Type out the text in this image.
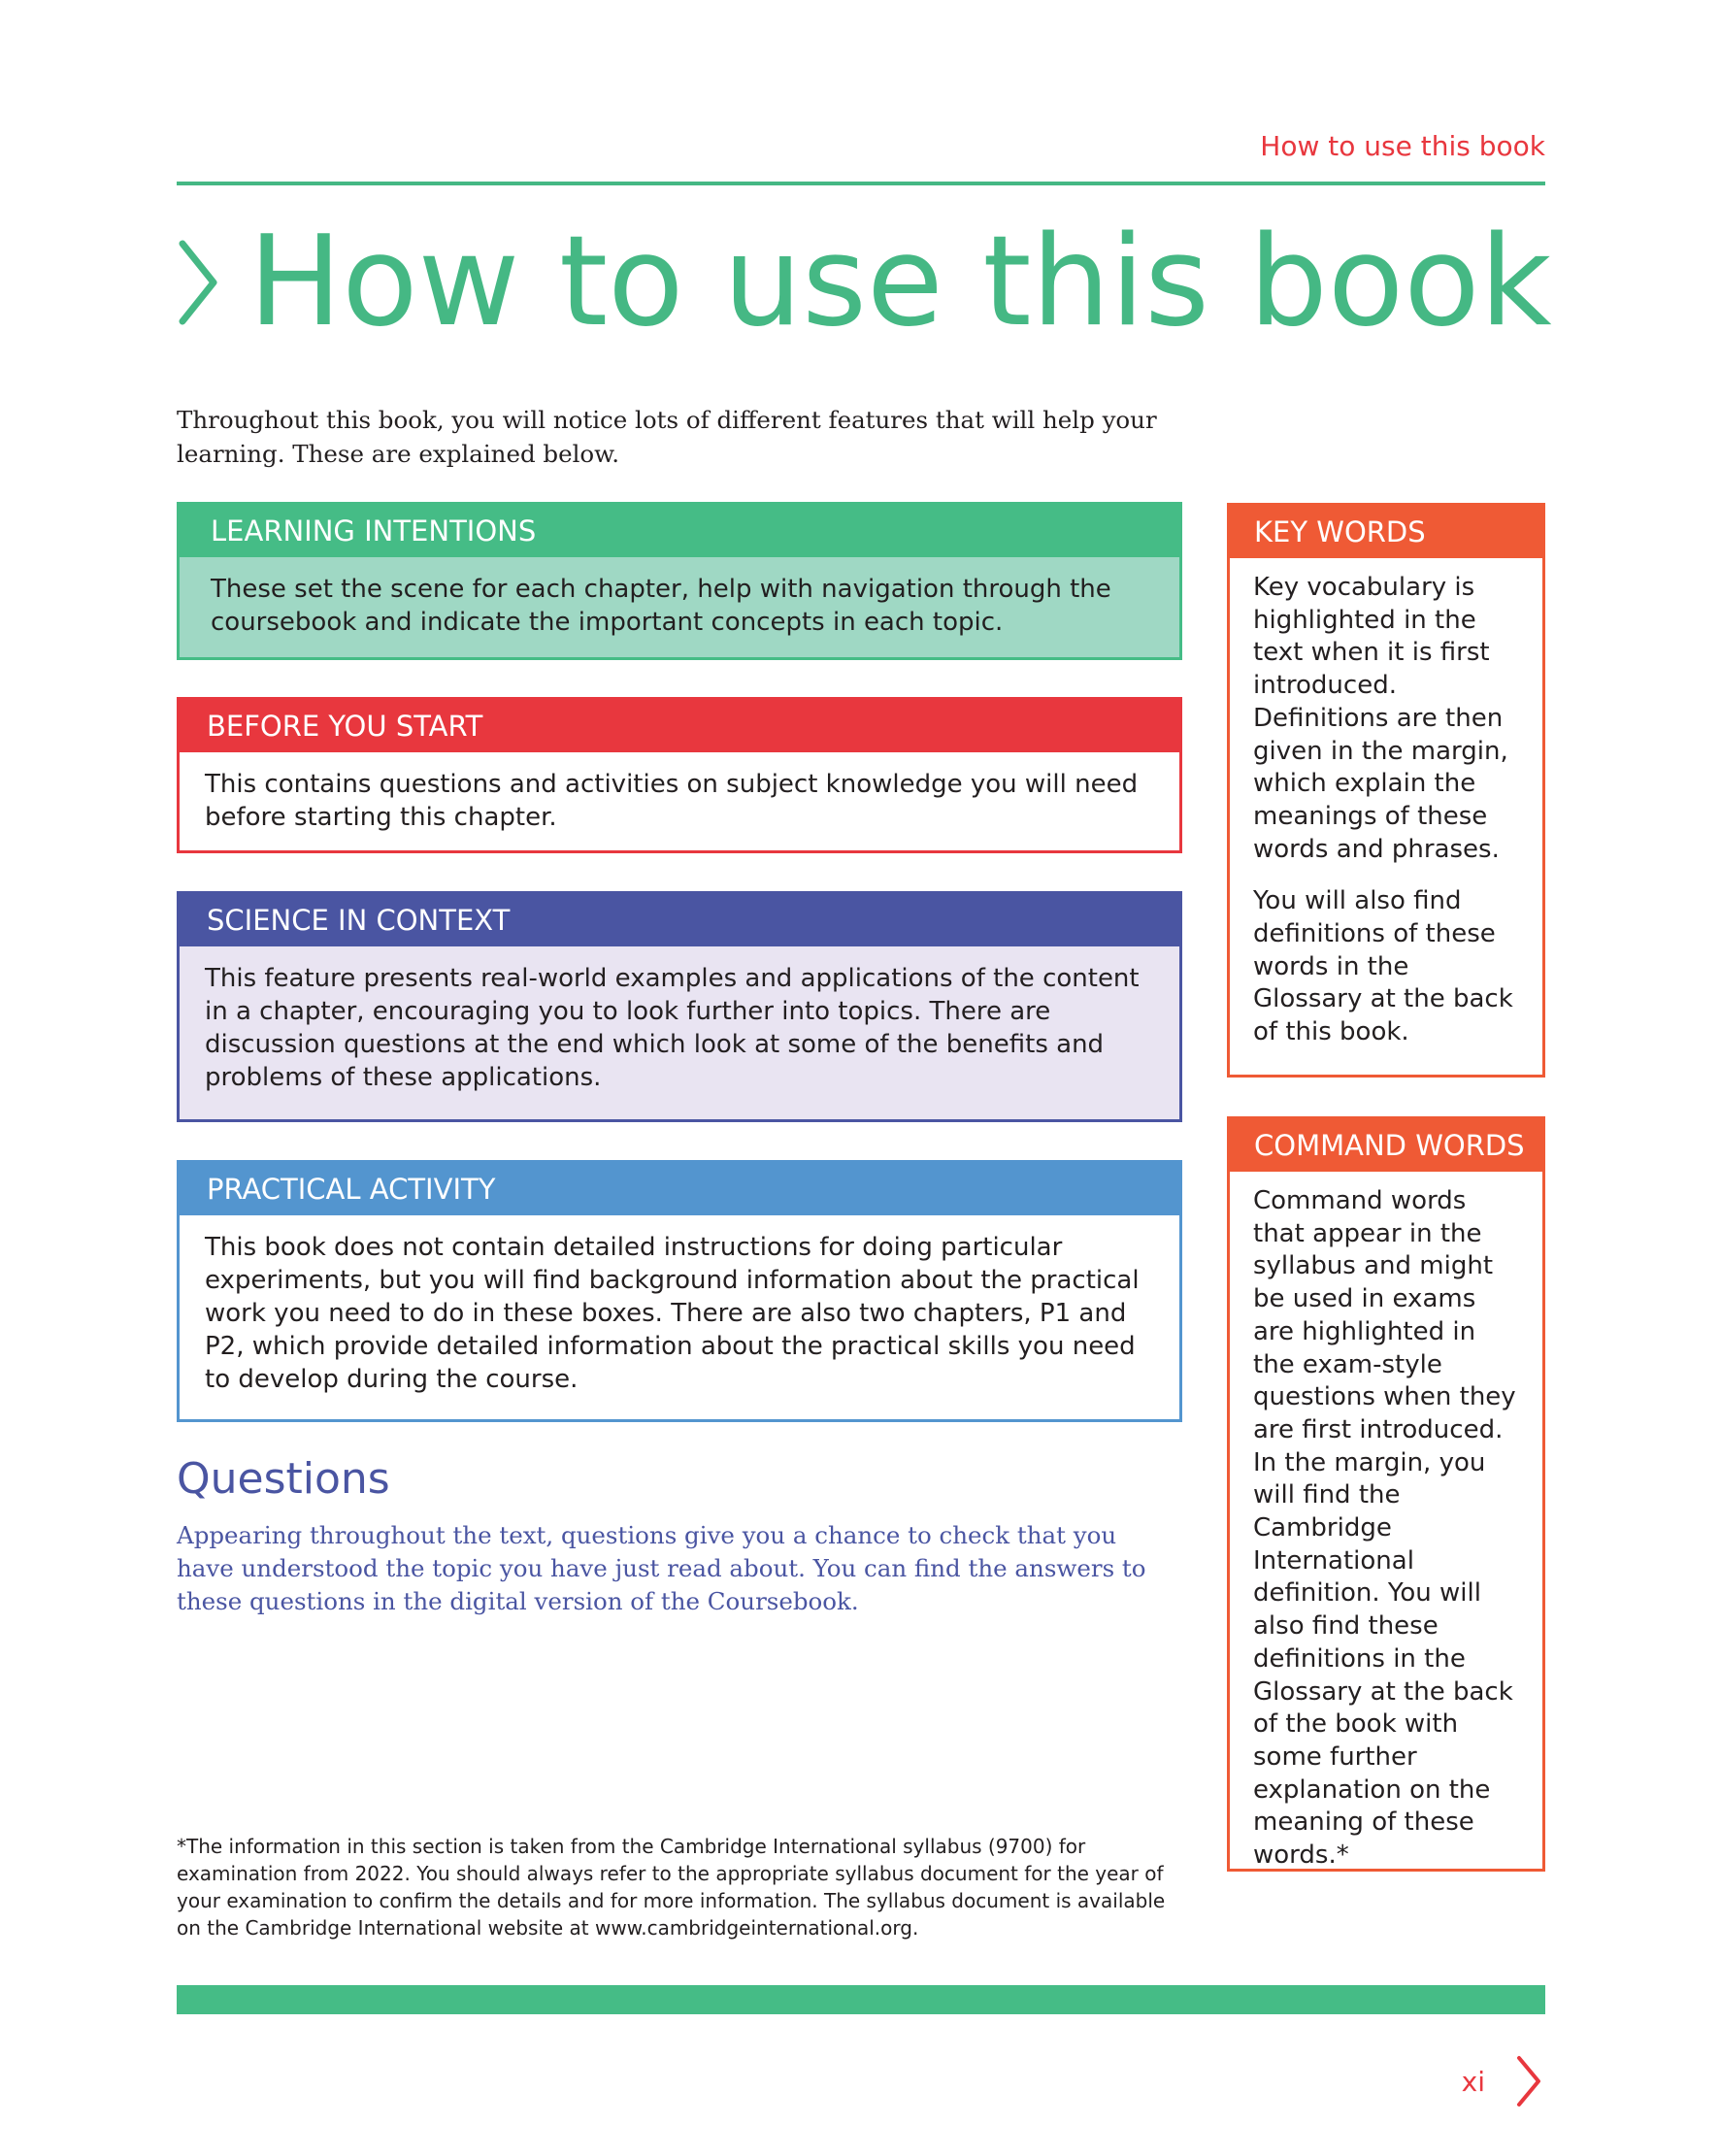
How to use this book
How to use this book

Throughout this book, you will notice lots of different features that will help your learning. These are explained below.

LEARNING INTENTIONS
These set the scene for each chapter, help with navigation through the coursebook and indicate the important concepts in each topic.
BEFORE YOU START
This contains questions and activities on subject knowledge you will need before starting this chapter.
SCIENCE IN CONTEXT
This feature presents real-world examples and applications of the content in a chapter, encouraging you to look further into topics. There are discussion questions at the end which look at some of the benefits and problems of these applications.
PRACTICAL ACTIVITY
This book does not contain detailed instructions for doing particular experiments, but you will find background information about the practical work you need to do in these boxes. There are also two chapters, P1 and P2, which provide detailed information about the practical skills you need to develop during the course.
KEY WORDS
Key vocabulary is highlighted in the text when it is first introduced. Definitions are then given in the margin, which explain the meanings of these words and phrases.
You will also find definitions of these words in the Glossary at the back of this book.
COMMAND WORDS
Command words that appear in the syllabus and might be used in exams are highlighted in the exam-style questions when they are first introduced. In the margin, you will find the Cambridge International definition. You will also find these definitions in the Glossary at the back of the book with some further explanation on the meaning of these words.*
Questions

Appearing throughout the text, questions give you a chance to check that you have understood the topic you have just read about. You can find the answers to these questions in the digital version of the Coursebook.

*The information in this section is taken from the Cambridge International syllabus (9700) for examination from 2022. You should always refer to the appropriate syllabus document for the year of your examination to confirm the details and for more information. The syllabus document is available on the Cambridge International website at www.cambridgeinternational.org.

xi
